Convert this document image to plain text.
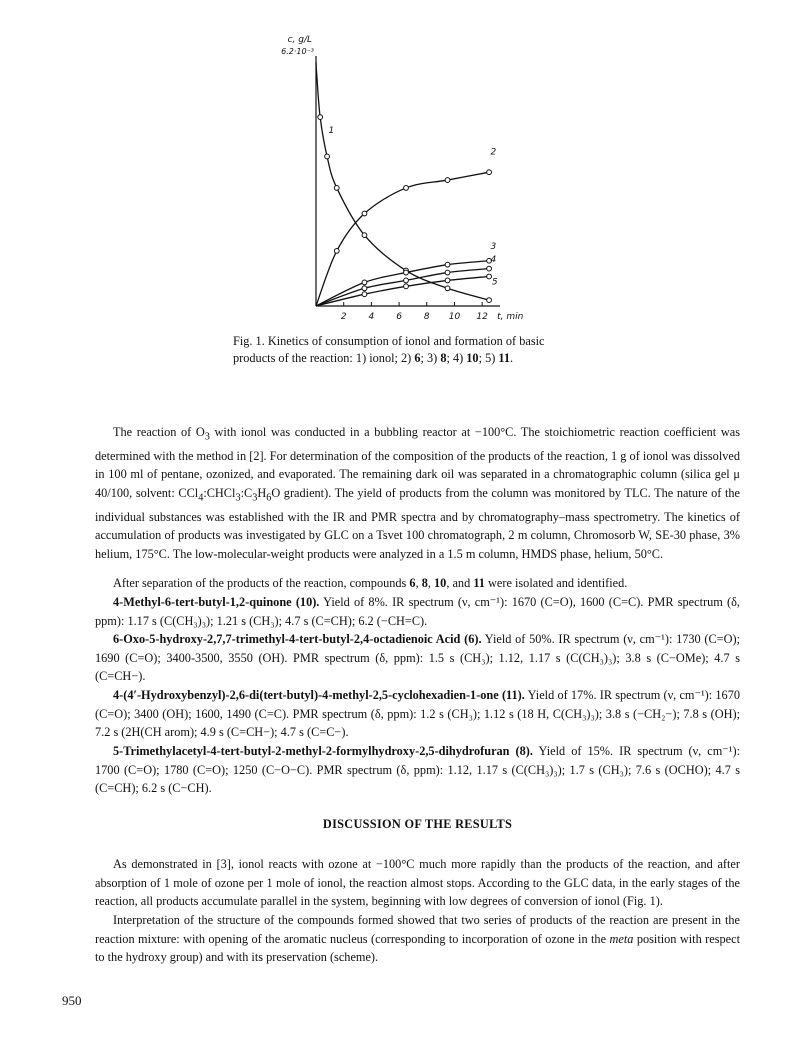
2 4 6 8 10 12 t, min
c, g/L
6.2·10⁻³
1
2
3
4
5
Fig. 1. Kinetics of consumption of ionol and formation of basic products of the reaction: 1) ionol; 2) 6; 3) 8; 4) 10; 5) 11.
The reaction of $O_3$ with ionol was conducted in a bubbling reactor at −100°C. The stoichiometric reaction coefficient was determined with the method in [2]. For determination of the composition of the products of the reaction, 1 g of ionol was dissolved in 100 ml of pentane, ozonized, and evaporated. The remaining dark oil was separated in a chromatographic column (silica gel μ 40/100, solvent: $CCl_4:CHCl_3:C_3H_6O$ gradient). The yield of products from the column was monitored by TLC. The nature of the individual substances was established with the IR and PMR spectra and by chromatography–mass spectrometry. The kinetics of accumulation of products was investigated by GLC on a Tsvet 100 chromatograph, 2 m column, Chromosorb W, SE-30 phase, 3% helium, 175°C. The low-molecular-weight products were analyzed in a 1.5 m column, HMDS phase, helium, 50°C.
After separation of the products of the reaction, compounds 6, 8, 10, and 11 were isolated and identified.
4-Methyl-6-tert-butyl-1,2-quinone (10). Yield of 8%. IR spectrum (ν, cm⁻¹): 1670 (C=O), 1600 (C=C). PMR spectrum (δ, ppm): 1.17 s (C(CH₃)₃); 1.21 s (CH₃); 4.7 s (C=CH); 6.2 (−CH=C).
6-Oxo-5-hydroxy-2,7,7-trimethyl-4-tert-butyl-2,4-octadienoic Acid (6). Yield of 50%. IR spectrum (ν, cm⁻¹): 1730 (C=O); 1690 (C=O); 3400-3500, 3550 (OH). PMR spectrum (δ, ppm): 1.5 s (CH₃); 1.12, 1.17 s (C(CH₃)₃); 3.8 s (C−OMe); 4.7 s (C=CH−).
4-(4′-Hydroxybenzyl)-2,6-di(tert-butyl)-4-methyl-2,5-cyclohexadien-1-one (11). Yield of 17%. IR spectrum (ν, cm⁻¹): 1670 (C=O); 3400 (OH); 1600, 1490 (C=C). PMR spectrum (δ, ppm): 1.2 s (CH₃); 1.12 s (18 H, C(CH₃)₃); 3.8 s (−CH₂−); 7.8 s (OH); 7.2 s (2H(CH arom); 4.9 s (C=CH−); 4.7 s (C=C−).
5-Trimethylacetyl-4-tert-butyl-2-methyl-2-formylhydroxy-2,5-dihydrofuran (8). Yield of 15%. IR spectrum (ν, cm⁻¹): 1700 (C=O); 1780 (C=O); 1250 (C−O−C). PMR spectrum (δ, ppm): 1.12, 1.17 s (C(CH₃)₃); 1.7 s (CH₃); 7.6 s (OCHO); 4.7 s (C=CH); 6.2 s (C−CH).
DISCUSSION OF THE RESULTS
As demonstrated in [3], ionol reacts with ozone at −100°C much more rapidly than the products of the reaction, and after absorption of 1 mole of ozone per 1 mole of ionol, the reaction almost stops. According to the GLC data, in the early stages of the reaction, all products accumulate parallel in the system, beginning with low degrees of conversion of ionol (Fig. 1).
Interpretation of the structure of the compounds formed showed that two series of products of the reaction are present in the reaction mixture: with opening of the aromatic nucleus (corresponding to incorporation of ozone in the meta position with respect to the hydroxy group) and with its preservation (scheme).
950
